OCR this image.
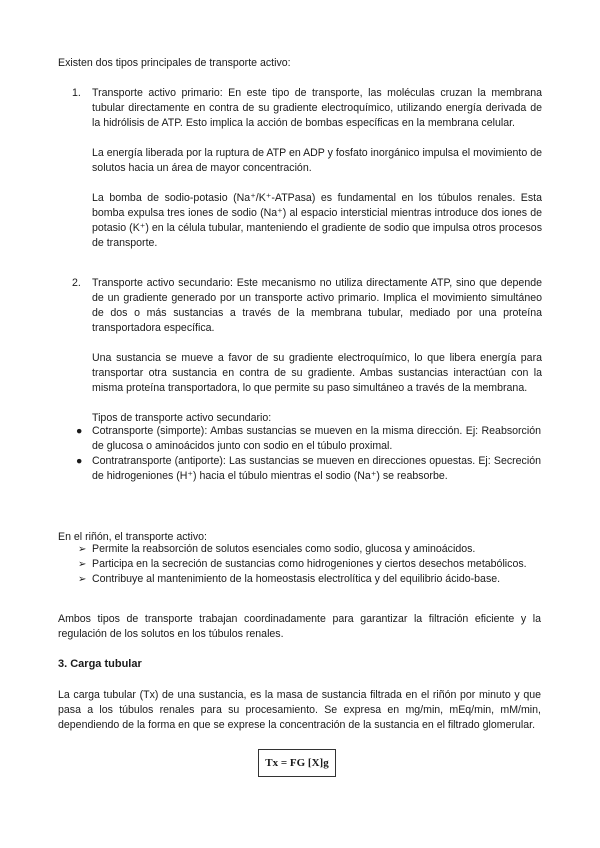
Existen dos tipos principales de transporte activo:

1.	Transporte activo primario: En este tipo de transporte, las moléculas cruzan la membrana tubular directamente en contra de su gradiente electroquímico, utilizando energía derivada de la hidrólisis de ATP. Esto implica la acción de bombas específicas en la membrana celular.

La energía liberada por la ruptura de ATP en ADP y fosfato inorgánico impulsa el movimiento de solutos hacia un área de mayor concentración.

La bomba de sodio-potasio (Na⁺/K⁺-ATPasa) es fundamental en los túbulos renales. Esta bomba expulsa tres iones de sodio (Na⁺) al espacio intersticial mientras introduce dos iones de potasio (K⁺) en la célula tubular, manteniendo el gradiente de sodio que impulsa otros procesos de transporte.

2.	Transporte activo secundario: Este mecanismo no utiliza directamente ATP, sino que depende de un gradiente generado por un transporte activo primario. Implica el movimiento simultáneo de dos o más sustancias a través de la membrana tubular, mediado por una proteína transportadora específica.

Una sustancia se mueve a favor de su gradiente electroquímico, lo que libera energía para transportar otra sustancia en contra de su gradiente. Ambas sustancias interactúan con la misma proteína transportadora, lo que permite su paso simultáneo a través de la membrana.

Tipos de transporte activo secundario:

● Cotransporte (simporte): Ambas sustancias se mueven en la misma dirección. Ej: Reabsorción de glucosa o aminoácidos junto con sodio en el túbulo proximal.

● Contratransporte (antiporte): Las sustancias se mueven en direcciones opuestas. Ej: Secreción de hidrogeniones (H⁺) hacia el túbulo mientras el sodio (Na⁺) se reabsorbe.

En el riñón, el transporte activo:

➢ Permite la reabsorción de solutos esenciales como sodio, glucosa y aminoácidos.

➢ Participa en la secreción de sustancias como hidrogeniones y ciertos desechos metabólicos.

➢ Contribuye al mantenimiento de la homeostasis electrolítica y del equilibrio ácido-base.

Ambos tipos de transporte trabajan coordinadamente para garantizar la filtración eficiente y la regulación de los solutos en los túbulos renales.

3. Carga tubular

La carga tubular (Tx) de una sustancia, es la masa de sustancia filtrada en el riñón por minuto y que pasa a los túbulos renales para su procesamiento. Se expresa en mg/min, mEq/min, mM/min, dependiendo de la forma en que se exprese la concentración de la sustancia en el filtrado glomerular.

Tx = FG [X]g
